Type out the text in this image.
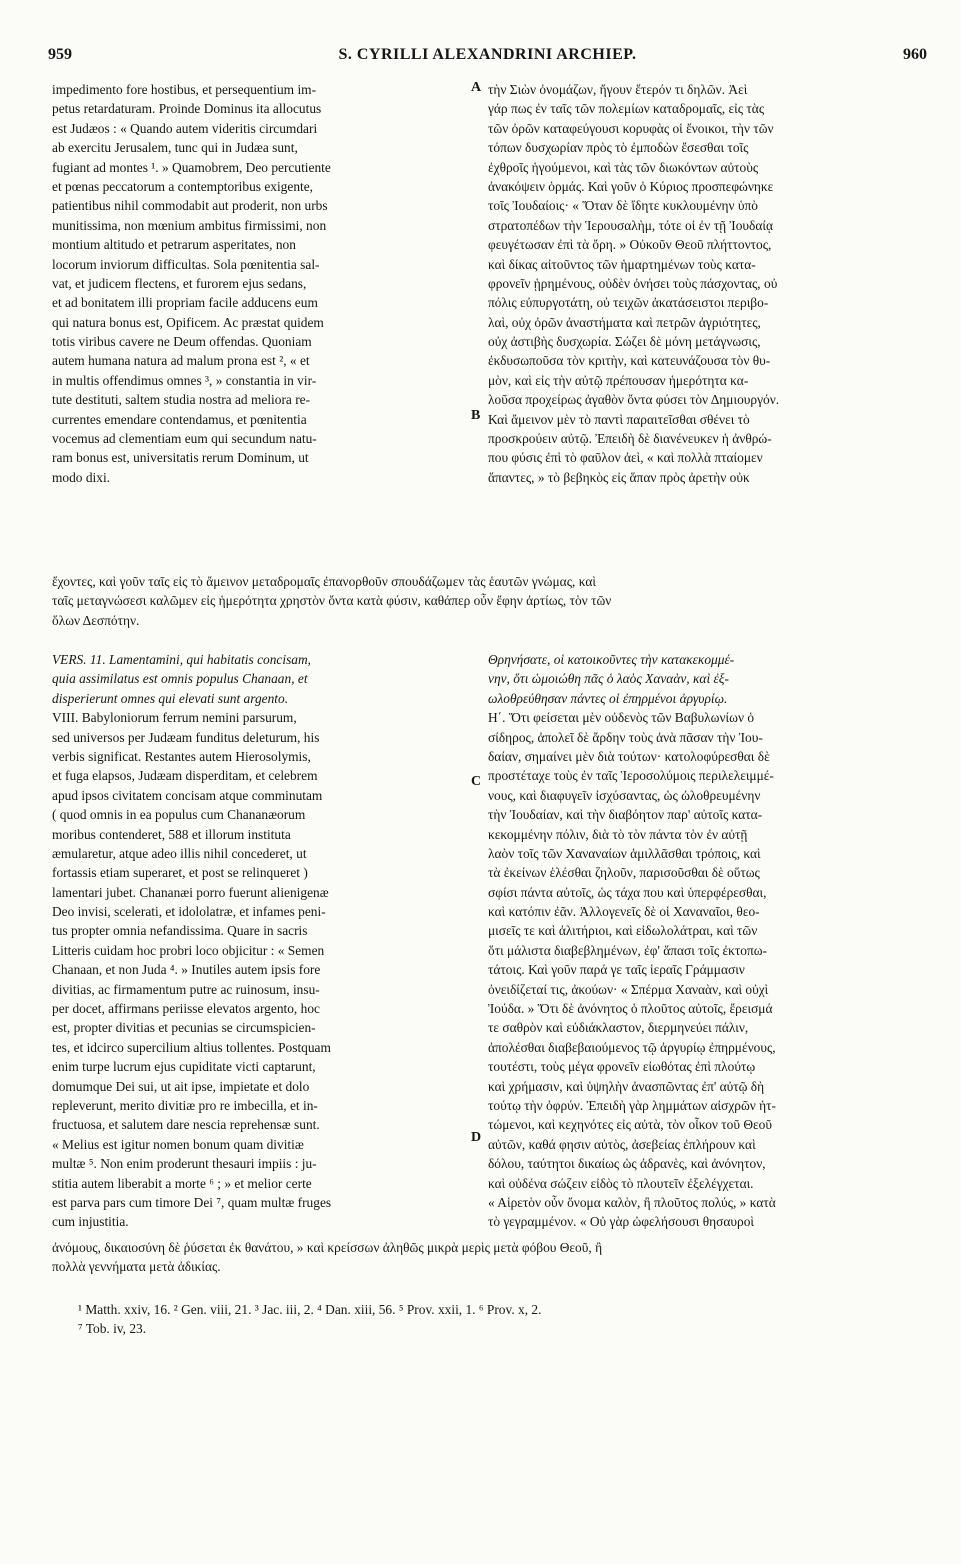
959	S. CYRILLI ALEXANDRINI ARCHIEP.	960
A
B
C
D
impedimento fore hostibus, et persequentium im-
petus retardaturam. Proinde Dominus ita allocutus
est Judæos : « Quando autem videritis circumdari
ab exercitu Jerusalem, tunc qui in Judæa sunt,
fugiant ad montes ¹. » Quamobrem, Deo percutiente
et pœnas peccatorum a contemptoribus exigente,
patientibus nihil commodabit aut proderit, non urbs
munitissima, non mœnium ambitus firmissimi, non
montium altitudo et petrarum asperitates, non
locorum inviorum difficultas. Sola pœnitentia sal-
vat, et judicem flectens, et furorem ejus sedans,
et ad bonitatem illi propriam facile adducens eum
qui natura bonus est, Opificem. Ac præstat quidem
totis viribus cavere ne Deum offendas. Quoniam
autem humana natura ad malum prona est ², « et
in multis offendimus omnes ³, » constantia in vir-
tute destituti, saltem studia nostra ad meliora re-
currentes emendare contendamus, et pœnitentia
vocemus ad clementiam eum qui secundum natu-
ram bonus est, universitatis rerum Dominum, ut
modo dixi.
τὴν Σιὼν ὀνομάζων, ἤγουν ἕτερόν τι δηλῶν. Ἀεὶ
γάρ πως ἐν ταῖς τῶν πολεμίων καταδρομαῖς, εἰς τὰς
τῶν ὀρῶν καταφεύγουσι κορυφὰς οἱ ἔνοικοι, τὴν τῶν
τόπων δυσχωρίαν πρὸς τὸ ἐμποδὼν ἔσεσθαι τοῖς
ἐχθροῖς ἡγούμενοι, καὶ τὰς τῶν διωκόντων αὐτοὺς
ἀνακόψειν ὁρμάς. Καὶ γοῦν ὁ Κύριος προσπεφώνηκε
τοῖς Ἰουδαίοις· « Ὅταν δὲ ἴδητε κυκλουμένην ὑπὸ
στρατοπέδων τὴν Ἱερουσαλὴμ, τότε οἱ ἐν τῇ Ἰουδαίᾳ
φευγέτωσαν ἐπὶ τὰ ὄρη. » Οὐκοῦν Θεοῦ πλήττοντος,
καὶ δίκας αἰτοῦντος τῶν ἡμαρτημένων τοὺς κατα-
φρονεῖν ᾑρημένους, οὐδὲν ὀνήσει τοὺς πάσχοντας, οὐ
πόλις εὐπυργοτάτη, οὐ τειχῶν ἀκατάσειστοι περιβο-
λαὶ, οὐχ ὀρῶν ἀναστήματα καὶ πετρῶν ἀγριότητες,
οὐχ ἀστιβὴς δυσχωρία. Σώζει δὲ μόνη μετάγνωσις,
ἐκδυσωποῦσα τὸν κριτὴν, καὶ κατευνάζουσα τὸν θυ-
μὸν, καὶ εἰς τὴν αὐτῷ πρέπουσαν ἡμερότητα κα-
λοῦσα προχείρως ἀγαθὸν ὄντα φύσει τὸν Δημιουργόν.
Καὶ ἄμεινον μὲν τὸ παντὶ παραιτεῖσθαι σθένει τὸ
προσκρούειν αὐτῷ. Ἐπειδὴ δὲ διανένευκεν ἡ ἀνθρώ-
που φύσις ἐπὶ τὸ φαῦλον ἀεὶ, « καὶ πολλὰ πταίομεν
ἅπαντες, » τὸ βεβηκὸς εἰς ἅπαν πρὸς ἀρετὴν οὐκ
ἔχοντες, καὶ γοῦν ταῖς εἰς τὸ ἄμεινον μεταδρομαῖς ἐπανορθοῦν σπουδάζωμεν τὰς ἑαυτῶν γνώμας, καὶ
ταῖς μεταγνώσεσι καλῶμεν εἰς ἡμερότητα χρηστὸν ὄντα κατὰ φύσιν, καθάπερ οὖν ἔφην ἀρτίως, τὸν τῶν
ὅλων Δεσπότην.
VERS. 11. Lamentamini, qui habitatis concisam,
quia assimilatus est omnis populus Chanaan, et
disperierunt omnes qui elevati sunt argento.
VIII. Babyloniorum ferrum nemini parsurum,
sed universos per Judæam funditus deleturum, his
verbis significat. Restantes autem Hierosolymis,
et fuga elapsos, Judæam disperditam, et celebrem
apud ipsos civitatem concisam atque comminutam
( quod omnis in ea populus cum Chananæorum
moribus contenderet, 588 et illorum instituta
æmularetur, atque adeo illis nihil concederet, ut
fortassis etiam superaret, et post se relinqueret )
lamentari jubet. Chananæi porro fuerunt alienigenæ
Deo invisi, scelerati, et idololatræ, et infames peni-
tus propter omnia nefandissima. Quare in sacris
Litteris cuidam hoc probri loco objicitur : « Semen
Chanaan, et non Juda ⁴. » Inutiles autem ipsis fore
divitias, ac firmamentum putre ac ruinosum, insu-
per docet, affirmans periisse elevatos argento, hoc
est, propter divitias et pecunias se circumspicien-
tes, et idcirco supercilium altius tollentes. Postquam
enim turpe lucrum ejus cupiditate victi captarunt,
domumque Dei sui, ut ait ipse, impietate et dolo
repleverunt, merito divitiæ pro re imbecilla, et in-
fructuosa, et salutem dare nescia reprehensæ sunt.
« Melius est igitur nomen bonum quam divitiæ
multæ ⁵. Non enim proderunt thesauri impiis : ju-
stitia autem liberabit a morte ⁶ ; » et melior certe
est parva pars cum timore Dei ⁷, quam multæ fruges
cum injustitia.
Θρηνήσατε, οἱ κατοικοῦντες τὴν κατακεκομμέ-
νην, ὅτι ὡμοιώθη πᾶς ὁ λαὸς Χαναὰν, καὶ ἐξ-
ωλοθρεύθησαν πάντες οἱ ἐπηρμένοι ἀργυρίῳ.
Η΄. Ὅτι φείσεται μὲν οὐδενὸς τῶν Βαβυλωνίων ὁ
σίδηρος, ἀπολεῖ δὲ ἄρδην τοὺς ἀνὰ πᾶσαν τὴν Ἰου-
δαίαν, σημαίνει μὲν διὰ τούτων· κατολοφύρεσθαι δὲ
προστέταχε τοὺς ἐν ταῖς Ἱεροσολύμοις περιλελειμμέ-
νους, καὶ διαφυγεῖν ἰσχύσαντας, ὡς ὠλοθρευμένην
τὴν Ἰουδαίαν, καὶ τὴν διαβόητον παρ' αὐτοῖς κατα-
κεκομμένην πόλιν, διὰ τὸ τὸν πάντα τὸν ἐν αὐτῇ
λαὸν τοῖς τῶν Χαναναίων ἁμιλλᾶσθαι τρόποις, καὶ
τὰ ἐκείνων ἑλέσθαι ζηλοῦν, παρισοῦσθαι δὲ οὕτως
σφίσι πάντα αὐτοῖς, ὡς τάχα που καὶ ὑπερφέρεσθαι,
καὶ κατόπιν ἐᾶν. Ἀλλογενεῖς δὲ οἱ Χαναναῖοι, θεο-
μισεῖς τε καὶ ἀλιτήριοι, καὶ εἰδωλολάτραι, καὶ τῶν
ὅτι μάλιστα διαβεβλημένων, ἐφ' ἅπασι τοῖς ἐκτοπω-
τάτοις. Καὶ γοῦν παρά γε ταῖς ἱεραῖς Γράμμασιν
ὀνειδίζεταί τις, ἀκούων· « Σπέρμα Χαναὰν, καὶ οὐχὶ
Ἰούδα. » Ὅτι δὲ ἀνόνητος ὁ πλοῦτος αὐτοῖς, ἔρεισμά
τε σαθρὸν καὶ εὐδιάκλαστον, διερμηνεύει πάλιν,
ἀπολέσθαι διαβεβαιούμενος τῷ ἀργυρίῳ ἐπηρμένους,
τουτέστι, τοὺς μέγα φρονεῖν εἰωθότας ἐπὶ πλούτῳ
καὶ χρήμασιν, καὶ ὑψηλὴν ἀνασπῶντας ἐπ' αὐτῷ δὴ
τούτῳ τὴν ὀφρύν. Ἐπειδὴ γὰρ λημμάτων αἰσχρῶν ἡτ-
τώμενοι, καὶ κεχηνότες εἰς αὐτὰ, τὸν οἶκον τοῦ Θεοῦ
αὐτῶν, καθά φησιν αὐτὸς, ἀσεβείας ἐπλήρουν καὶ
δόλου, ταύτητοι δικαίως ὡς ἀδρανὲς, καὶ ἀνόνητον,
καὶ οὐδένα σώζειν εἰδὸς τὸ πλουτεῖν ἐξελέγχεται.
« Αἱρετὸν οὖν ὄνομα καλὸν, ἢ πλοῦτος πολύς, » κατὰ
τὸ γεγραμμένον. « Οὐ γὰρ ὠφελήσουσι θησαυροὶ
ἀνόμους, δικαιοσύνη δὲ ῥύσεται ἐκ θανάτου, » καὶ κρείσσων ἀληθῶς μικρὰ μερὶς μετὰ φόβου Θεοῦ, ἢ
πολλὰ γεννήματα μετὰ ἀδικίας.
¹ Matth. xxiv, 16. ² Gen. viii, 21. ³ Jac. iii, 2. ⁴ Dan. xiii, 56. ⁵ Prov. xxii, 1. ⁶ Prov. x, 2.
⁷ Tob. iv, 23.
